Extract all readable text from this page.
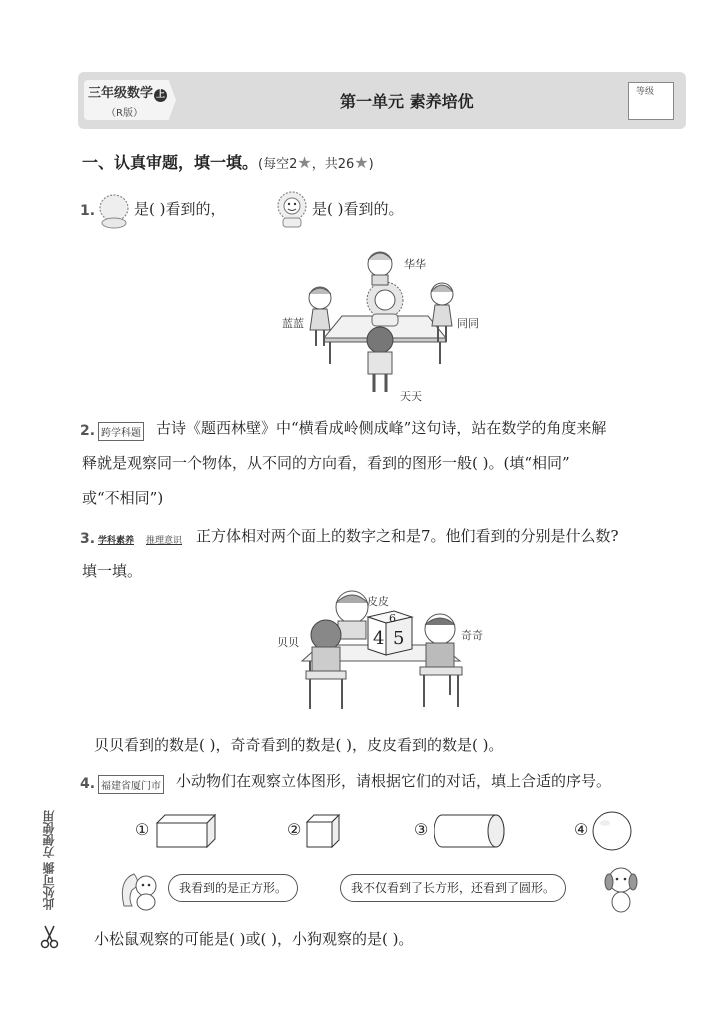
三年级数学 上
（R版）
第一单元 素养培优	等级
一、认真审题，填一填。(每空2★，共26★)
1.	是( )看到的，	是( )看到的。
华华
蓝蓝	同同
天天
2. 跨学科题 古诗《题西林壁》中“横看成岭侧成峰”这句诗，站在数学的角度来解
释就是观察同一个物体，从不同的方向看，看到的图形一般( )。(填“相同”
或“不相同”)
3. 学科素养 推理意识 正方体相对两个面上的数字之和是7。他们看到的分别是什么数?
填一填。
6
4 5
皮皮
贝贝
奇奇
贝贝看到的数是( )，奇奇看到的数是( )，皮皮看到的数是( )。
4. 福建省厦门市 小动物们在观察立体图形，请根据它们的对话，填上合适的序号。
①	②	③	④
我看到的是正方形。	我不仅看到了长方形，还看到了圆形。
小松鼠观察的可能是( )或( )，小狗观察的是( )。
此处可撕 方便使用
